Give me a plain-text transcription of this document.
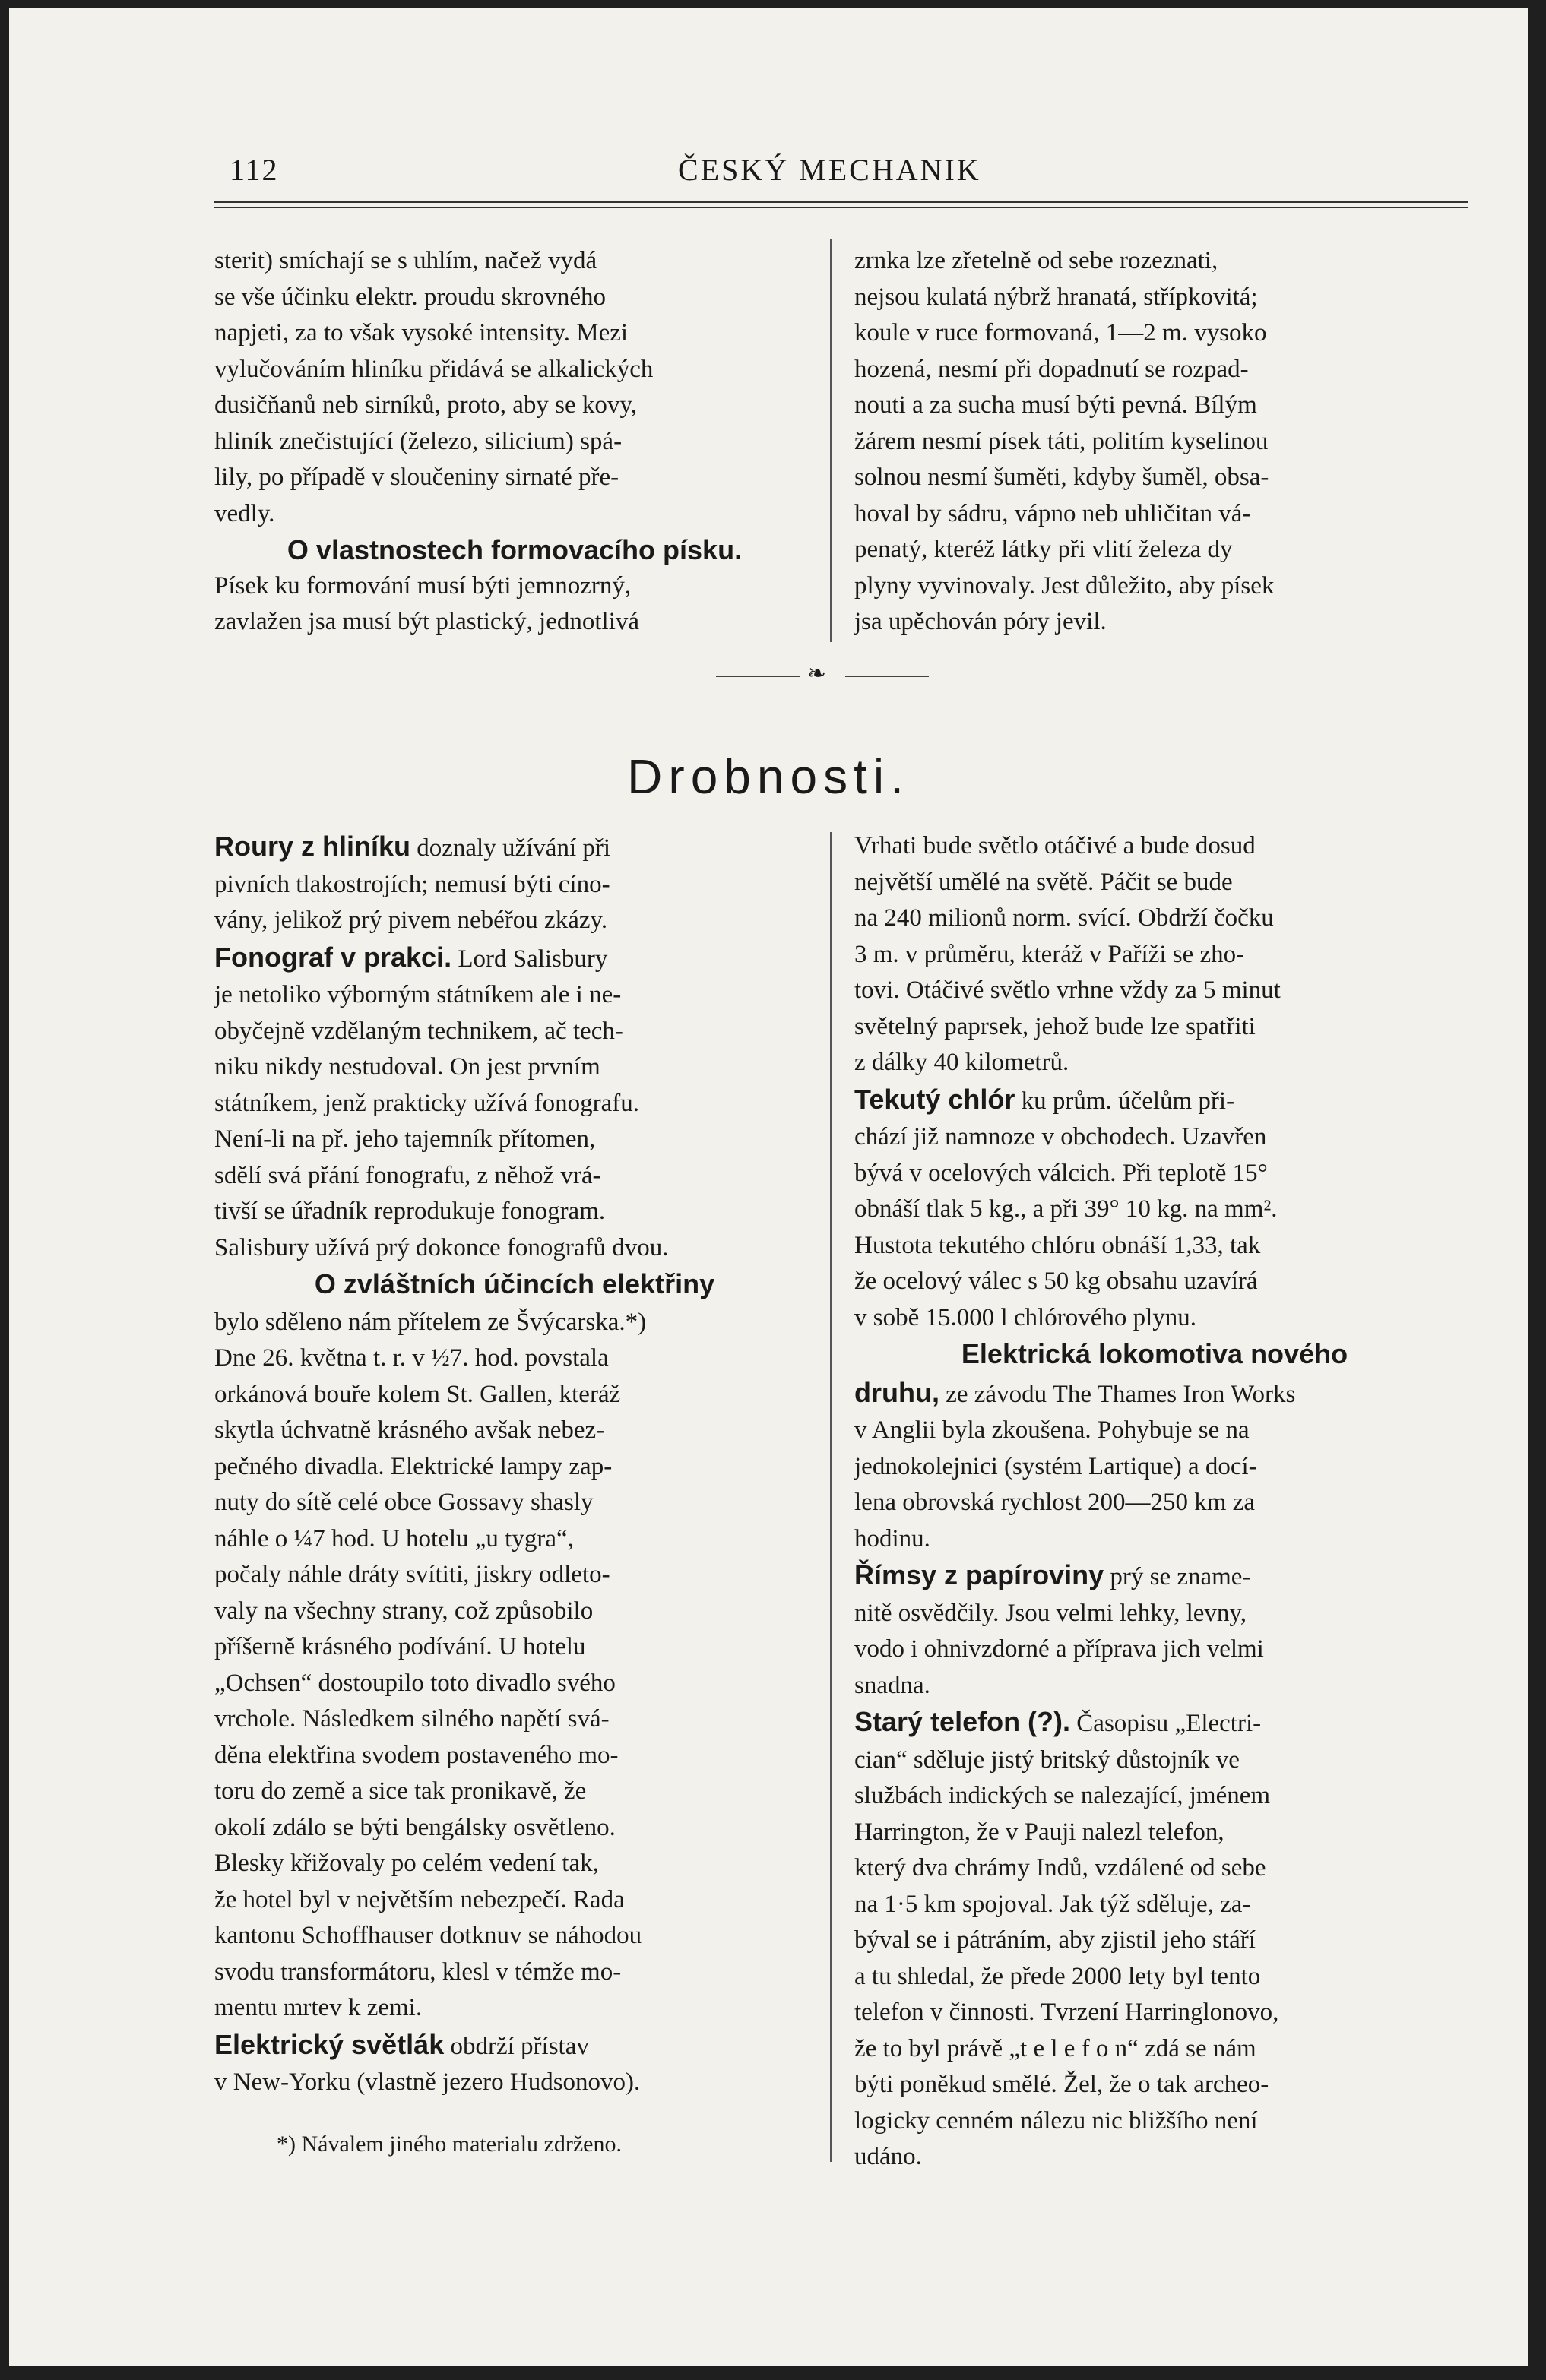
112	ČESKÝ MECHANIK

sterit) smíchají se s uhlím, načež vydá

se vše účinku elektr. proudu skrovného

napjeti, za to však vysoké intensity. Mezi

vylučováním hliníku přidává se alkalických

dusičňanů neb sirníků, proto, aby se kovy,

hliník znečistující (železo, silicium) spá-

lily, po případě v sloučeniny sirnaté pře-

vedly.

O vlastnostech formovacího písku.

Písek ku formování musí býti jemnozrný,

zavlažen jsa musí být plastický, jednotlivá

zrnka lze zřetelně od sebe rozeznati,

nejsou kulatá nýbrž hranatá, střípkovitá;

koule v ruce formovaná, 1—2 m. vysoko

hozená, nesmí při dopadnutí se rozpad-

nouti a za sucha musí býti pevná. Bílým

žárem nesmí písek táti, politím kyselinou

solnou nesmí šuměti, kdyby šuměl, obsa-

hoval by sádru, vápno neb uhličitan vá-

penatý, kteréž látky při vlití železa dy

plyny vyvinovaly. Jest důležito, aby písek

jsa upěchován póry jevil.

❧
Drobnosti.

Roury z hliníku doznaly užívání při

pivních tlakostrojích; nemusí býti cíno-

vány, jelikož prý pivem nebéřou zkázy.

Fonograf v prakci. Lord Salisbury

je netoliko výborným státníkem ale i ne-

obyčejně vzdělaným technikem, ač tech-

niku nikdy nestudoval. On jest prvním

státníkem, jenž prakticky užívá fonografu.

Není-li na př. jeho tajemník přítomen,

sdělí svá přání fonografu, z něhož vrá-

tivší se úřadník reprodukuje fonogram.

Salisbury užívá prý dokonce fonografů dvou.

O zvláštních účincích elektřiny

bylo sděleno nám přítelem ze Švýcarska.*)

Dne 26. května t. r. v ½7. hod. povstala

orkánová bouře kolem St. Gallen, kteráž

skytla úchvatně krásného avšak nebez-

pečného divadla. Elektrické lampy zap-

nuty do sítě celé obce Gossavy shasly

náhle o ¼7 hod. U hotelu „u tygra“,

počaly náhle dráty svítiti, jiskry odleto-

valy na všechny strany, což způsobilo

příšerně krásného podívání. U hotelu

„Ochsen“ dostoupilo toto divadlo svého

vrchole. Následkem silného napětí svá-

děna elektřina svodem postaveného mo-

toru do země a sice tak pronikavě, že

okolí zdálo se býti bengálsky osvětleno.

Blesky křižovaly po celém vedení tak,

že hotel byl v největším nebezpečí. Rada

kantonu Schoffhauser dotknuv se náhodou

svodu transformátoru, klesl v témže mo-

mentu mrtev k zemi.

Elektrický světlák obdrží přístav

v New-Yorku (vlastně jezero Hudsonovo).

Vrhati bude světlo otáčivé a bude dosud

největší umělé na světě. Páčit se bude

na 240 milionů norm. svící. Obdrží čočku

3 m. v průměru, kteráž v Paříži se zho-

tovi. Otáčivé světlo vrhne vždy za 5 minut

světelný paprsek, jehož bude lze spatřiti

z dálky 40 kilometrů.

Tekutý chlór ku prům. účelům při-

chází již namnoze v obchodech. Uzavřen

bývá v ocelových válcich. Při teplotě 15°

obnáší tlak 5 kg., a při 39° 10 kg. na mm².

Hustota tekutého chlóru obnáší 1,33, tak

že ocelový válec s 50 kg obsahu uzavírá

v sobě 15.000 l chlórového plynu.

Elektrická lokomotiva nového

druhu, ze závodu The Thames Iron Works

v Anglii byla zkoušena. Pohybuje se na

jednokolejnici (systém Lartique) a docí-

lena obrovská rychlost 200—250 km za

hodinu.

Římsy z papíroviny prý se znamе-

nitě osvědčily. Jsou velmi lehky, levny,

vodo i ohnivzdorné a příprava jich velmi

snadna.

Starý telefon (?). Časopisu „Electri-

cian“ sděluje jistý britský důstojník ve

službách indických se nalezající, jménem

Harrington, že v Pauji nalezl telefon,

který dva chrámy Indů, vzdálené od sebe

na 1·5 km spojoval. Jak týž sděluje, za-

býval se i pátráním, aby zjistil jeho stáří

a tu shledal, že přede 2000 lety byl tento

telefon v činnosti. Tvrzení Harringlonovo,

že to byl právě „t e l e f o n“ zdá se nám

býti poněkud smělé. Žel, že o tak archeo-

logicky cenném nálezu nic bližšího není

udáno.

*) Návalem jiného materialu zdrženo.
